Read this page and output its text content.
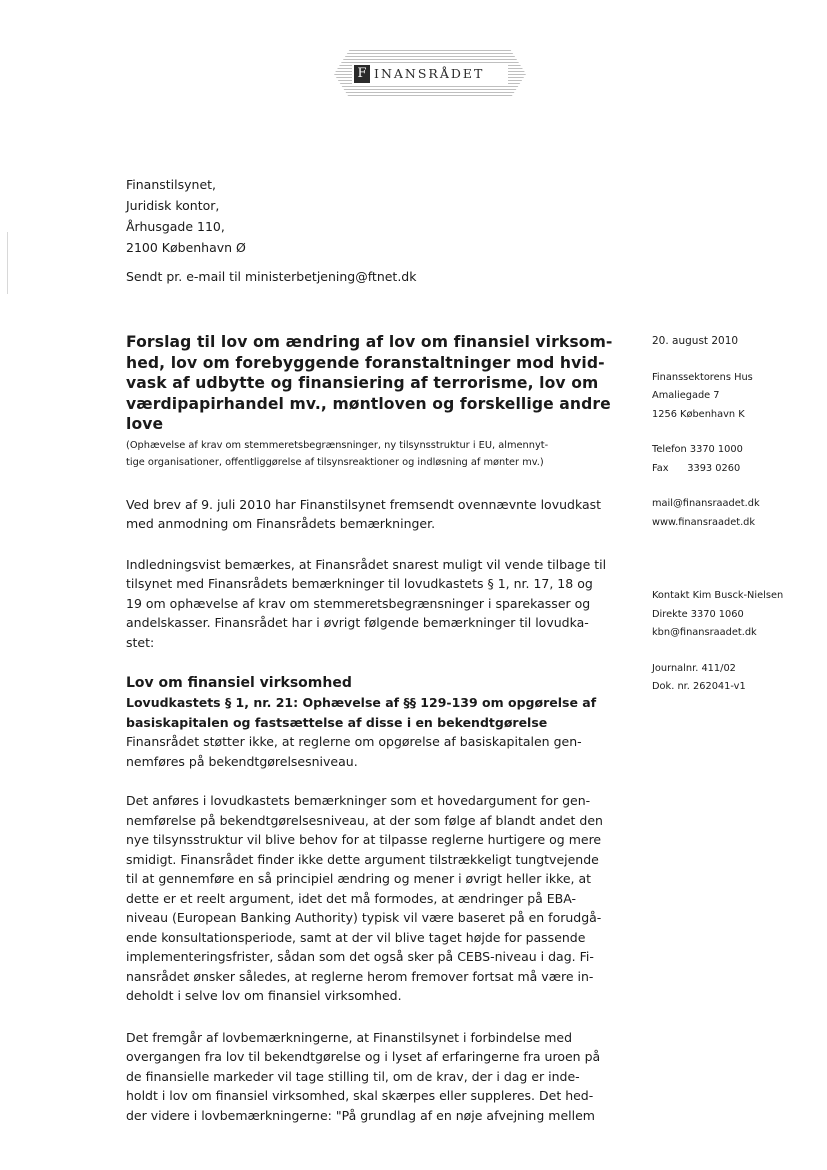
F INANSRÅDET
Finanstilsynet,
Juridisk kontor,
Århusgade 110,
2100 København Ø
Sendt pr. e-mail til ministerbetjening@ftnet.dk
Forslag til lov om ændring af lov om finansiel virksom-
hed, lov om forebyggende foranstaltninger mod hvid-
vask af udbytte og finansiering af terrorisme, lov om
værdipapirhandel mv., møntloven og forskellige andre
love
(Ophævelse af krav om stemmeretsbegrænsninger, ny tilsynsstruktur i EU, almennyt-
tige organisationer, offentliggørelse af tilsynsreaktioner og indløsning af mønter mv.)
Ved brev af 9. juli 2010 har Finanstilsynet fremsendt ovennævnte lovudkast
med anmodning om Finansrådets bemærkninger.
Indledningsvist bemærkes, at Finansrådet snarest muligt vil vende tilbage til
tilsynet med Finansrådets bemærkninger til lovudkastets § 1, nr. 17, 18 og
19 om ophævelse af krav om stemmeretsbegrænsninger i sparekasser og
andelskasser. Finansrådet har i øvrigt følgende bemærkninger til lovudka-
stet:
Lov om finansiel virksomhed
Lovudkastets § 1, nr. 21: Ophævelse af §§ 129-139 om opgørelse af
basiskapitalen og fastsættelse af disse i en bekendtgørelse
Finansrådet støtter ikke, at reglerne om opgørelse af basiskapitalen gen-
nemføres på bekendtgørelsesniveau.
Det anføres i lovudkastets bemærkninger som et hovedargument for gen-
nemførelse på bekendtgørelsesniveau, at der som følge af blandt andet den
nye tilsynsstruktur vil blive behov for at tilpasse reglerne hurtigere og mere
smidigt. Finansrådet finder ikke dette argument tilstrækkeligt tungtvejende
til at gennemføre en så principiel ændring og mener i øvrigt heller ikke, at
dette er et reelt argument, idet det må formodes, at ændringer på EBA-
niveau (European Banking Authority) typisk vil være baseret på en forudgå-
ende konsultationsperiode, samt at der vil blive taget højde for passende
implementeringsfrister, sådan som det også sker på CEBS-niveau i dag. Fi-
nansrådet ønsker således, at reglerne herom fremover fortsat må være in-
deholdt i selve lov om finansiel virksomhed.
Det fremgår af lovbemærkningerne, at Finanstilsynet i forbindelse med
overgangen fra lov til bekendtgørelse og i lyset af erfaringerne fra uroen på
de finansielle markeder vil tage stilling til, om de krav, der i dag er inde-
holdt i lov om finansiel virksomhed, skal skærpes eller suppleres. Det hed-
der videre i lovbemærkningerne: "På grundlag af en nøje afvejning mellem
20. august 2010
Finanssektorens Hus
Amaliegade 7
1256 København K
Telefon 3370 1000
Fax      3393 0260
mail@finansraadet.dk
www.finansraadet.dk
Kontakt Kim Busck-Nielsen
Direkte 3370 1060
kbn@finansraadet.dk
Journalnr. 411/02
Dok. nr. 262041-v1
